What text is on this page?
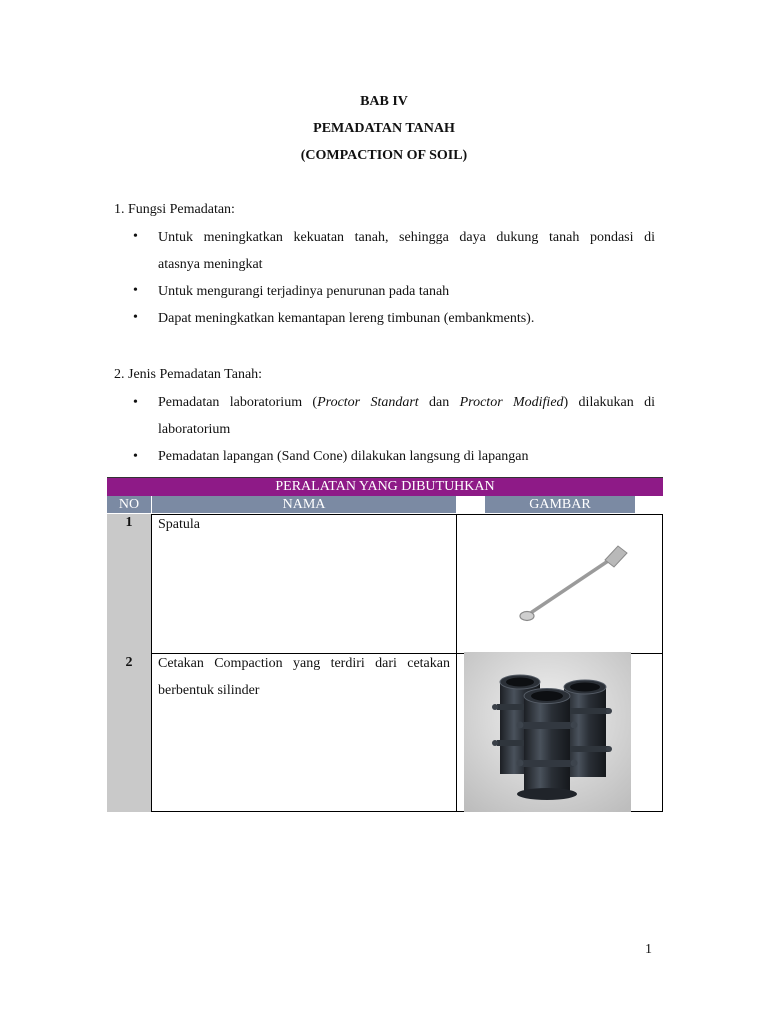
BAB IV
PEMADATAN TANAH
(COMPACTION OF SOIL)
1. Fungsi Pemadatan:
• Untuk meningkatkan kekuatan tanah, sehingga daya dukung tanah pondasi di
atasnya meningkat
• Untuk mengurangi terjadinya penurunan pada tanah
• Dapat meningkatkan kemantapan lereng timbunan (embankments).
2. Jenis Pemadatan Tanah:
• Pemadatan laboratorium (Proctor Standart dan Proctor Modified) dilakukan di
laboratorium
• Pemadatan lapangan (Sand Cone) dilakukan langsung di lapangan
PERALATAN YANG DIBUTUHKAN
NO	NAMA	GAMBAR
1	Spatula
2	Cetakan Compaction yang terdiri dari cetakan
berbentuk silinder
1
